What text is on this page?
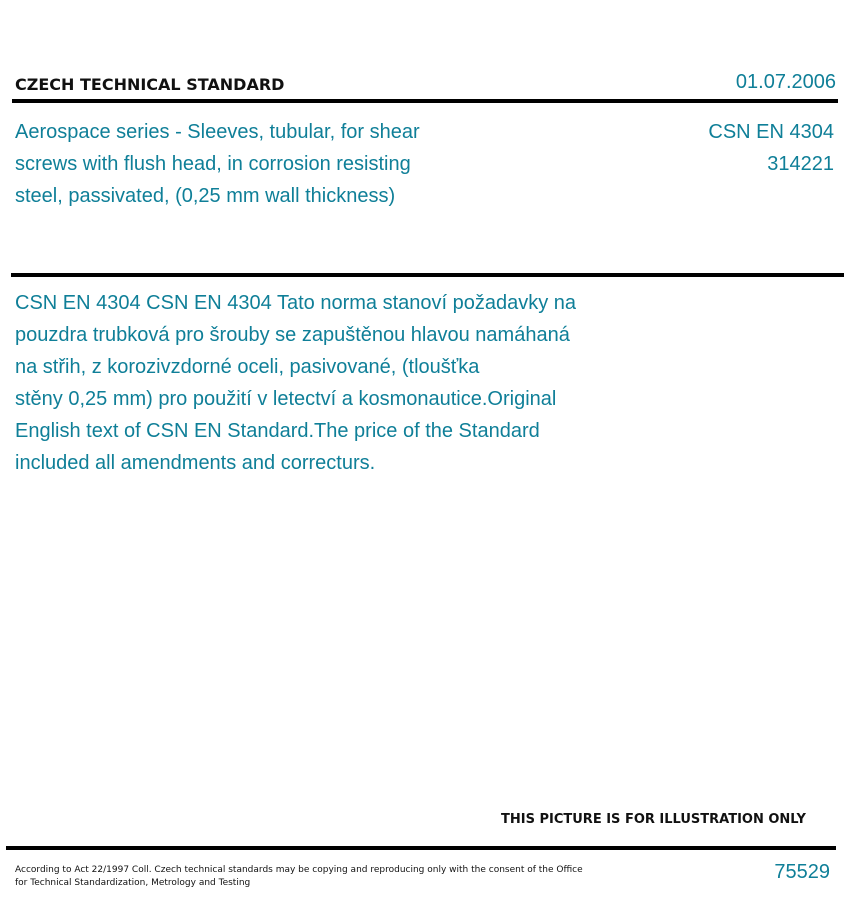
CZECH TECHNICAL STANDARD	01.07.2006
Aerospace series - Sleeves, tubular, for shear
screws with flush head, in corrosion resisting
steel, passivated, (0,25 mm wall thickness)
CSN EN 4304
314221
CSN EN 4304 CSN EN 4304 Tato norma stanoví požadavky na
pouzdra trubková pro šrouby se zapuštěnou hlavou namáhaná
na střih, z korozivzdorné oceli, pasivované, (tloušťka
stěny 0,25 mm) pro použití v letectví a kosmonautice.Original
English text of CSN EN Standard.The price of the Standard
included all amendments and correcturs.
THIS PICTURE IS FOR ILLUSTRATION ONLY
According to Act 22/1997 Coll. Czech technical standards may be copying and reproducing only with the consent of the Office
for Technical Standardization, Metrology and Testing	75529
